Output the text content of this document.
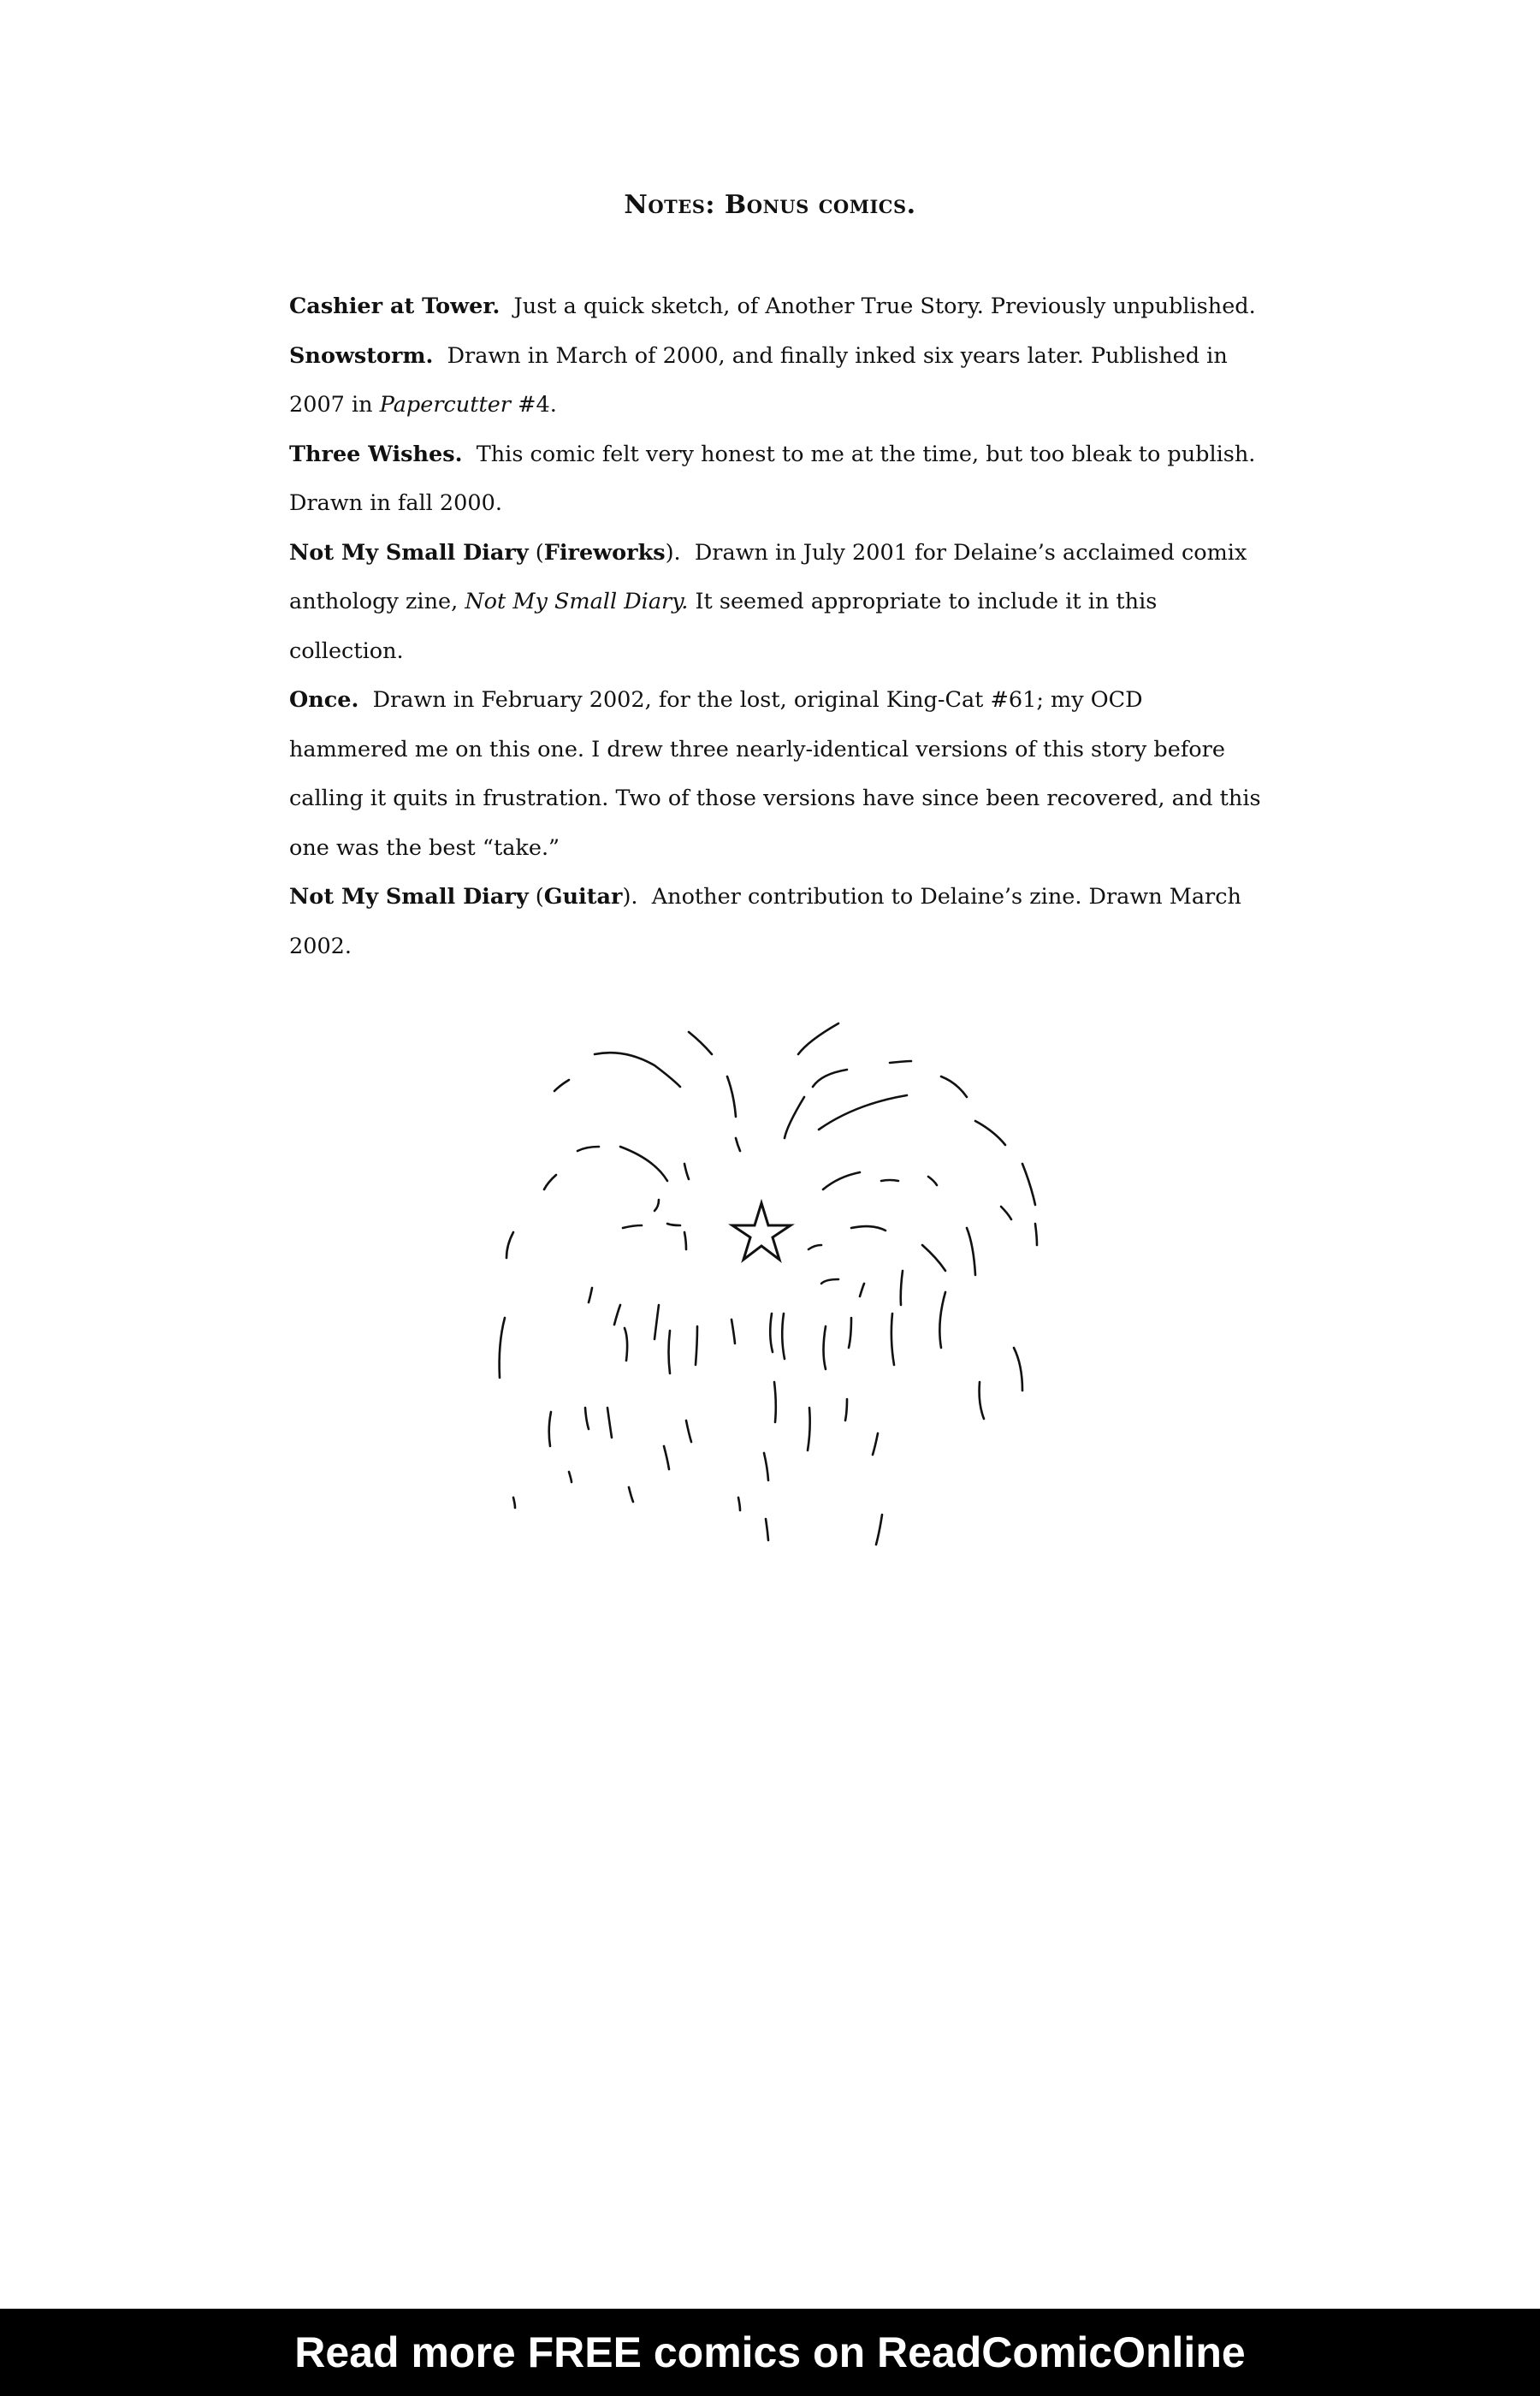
Notes: Bonus comics.

Cashier at Tower. Just a quick sketch, of Another True Story. Previously unpublished.

Snowstorm. Drawn in March of 2000, and finally inked six years later. Published in 2007 in Papercutter #4.

Three Wishes. This comic felt very honest to me at the time, but too bleak to publish. Drawn in fall 2000.

Not My Small Diary (Fireworks).  Drawn in July 2001 for Delaine’s acclaimed comix anthology zine, Not My Small Diary. It seemed appropriate to include it in this collection.

Once. Drawn in February 2002, for the lost, original King-Cat #61; my OCD hammered me on this one. I drew three nearly-identical versions of this story before calling it quits in frustration. Two of those versions have since been recovered, and this one was the best “take.”

Not My Small Diary (Guitar).  Another contribution to Delaine’s zine. Drawn March 2002.

Read more FREE comics on ReadComicOnline
